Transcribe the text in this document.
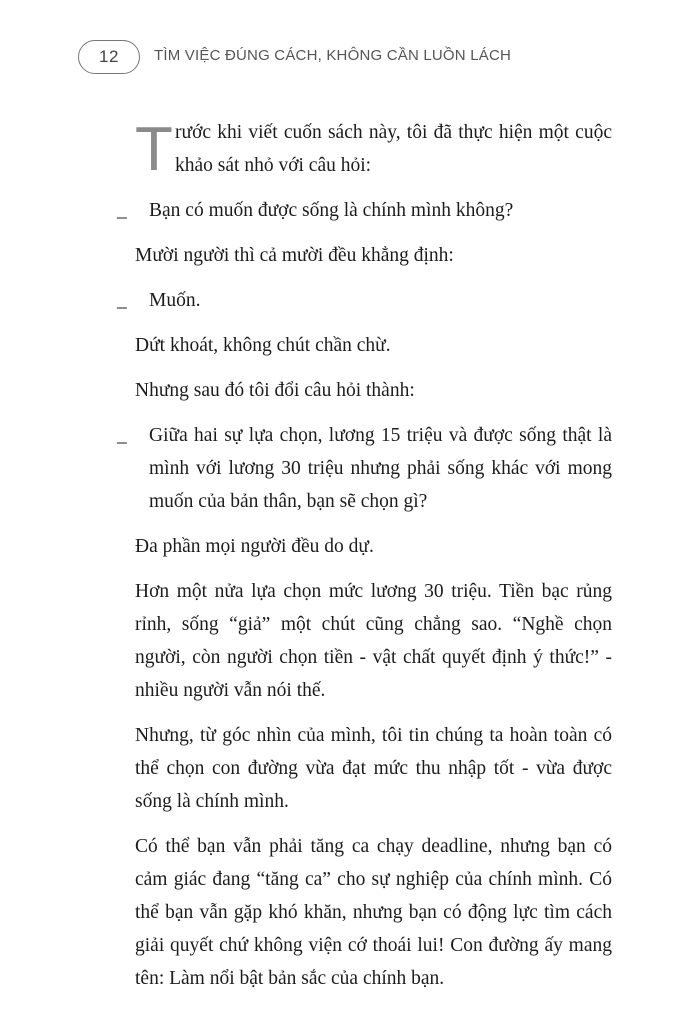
12 TÌM VIỆC ĐÚNG CÁCH, KHÔNG CẦN LUỒN LÁCH

T rước khi viết cuốn sách này, tôi đã thực hiện một cuộc khảo sát nhỏ với câu hỏi:

_ Bạn có muốn được sống là chính mình không?

Mười người thì cả mười đều khẳng định:

_ Muốn.

Dứt khoát, không chút chần chừ.

Nhưng sau đó tôi đổi câu hỏi thành:

_ Giữa hai sự lựa chọn, lương 15 triệu và được sống thật là mình với lương 30 triệu nhưng phải sống khác với mong muốn của bản thân, bạn sẽ chọn gì?

Đa phần mọi người đều do dự.

Hơn một nửa lựa chọn mức lương 30 triệu. Tiền bạc rủng rỉnh, sống “giả” một chút cũng chẳng sao. “Nghề chọn người, còn người chọn tiền - vật chất quyết định ý thức!” - nhiều người vẫn nói thế.

Nhưng, từ góc nhìn của mình, tôi tin chúng ta hoàn toàn có thể chọn con đường vừa đạt mức thu nhập tốt - vừa được sống là chính mình.

Có thể bạn vẫn phải tăng ca chạy deadline, nhưng bạn có cảm giác đang “tăng ca” cho sự nghiệp của chính mình. Có thể bạn vẫn gặp khó khăn, nhưng bạn có động lực tìm cách giải quyết chứ không viện cớ thoái lui! Con đường ấy mang tên: Làm nổi bật bản sắc của chính bạn.
